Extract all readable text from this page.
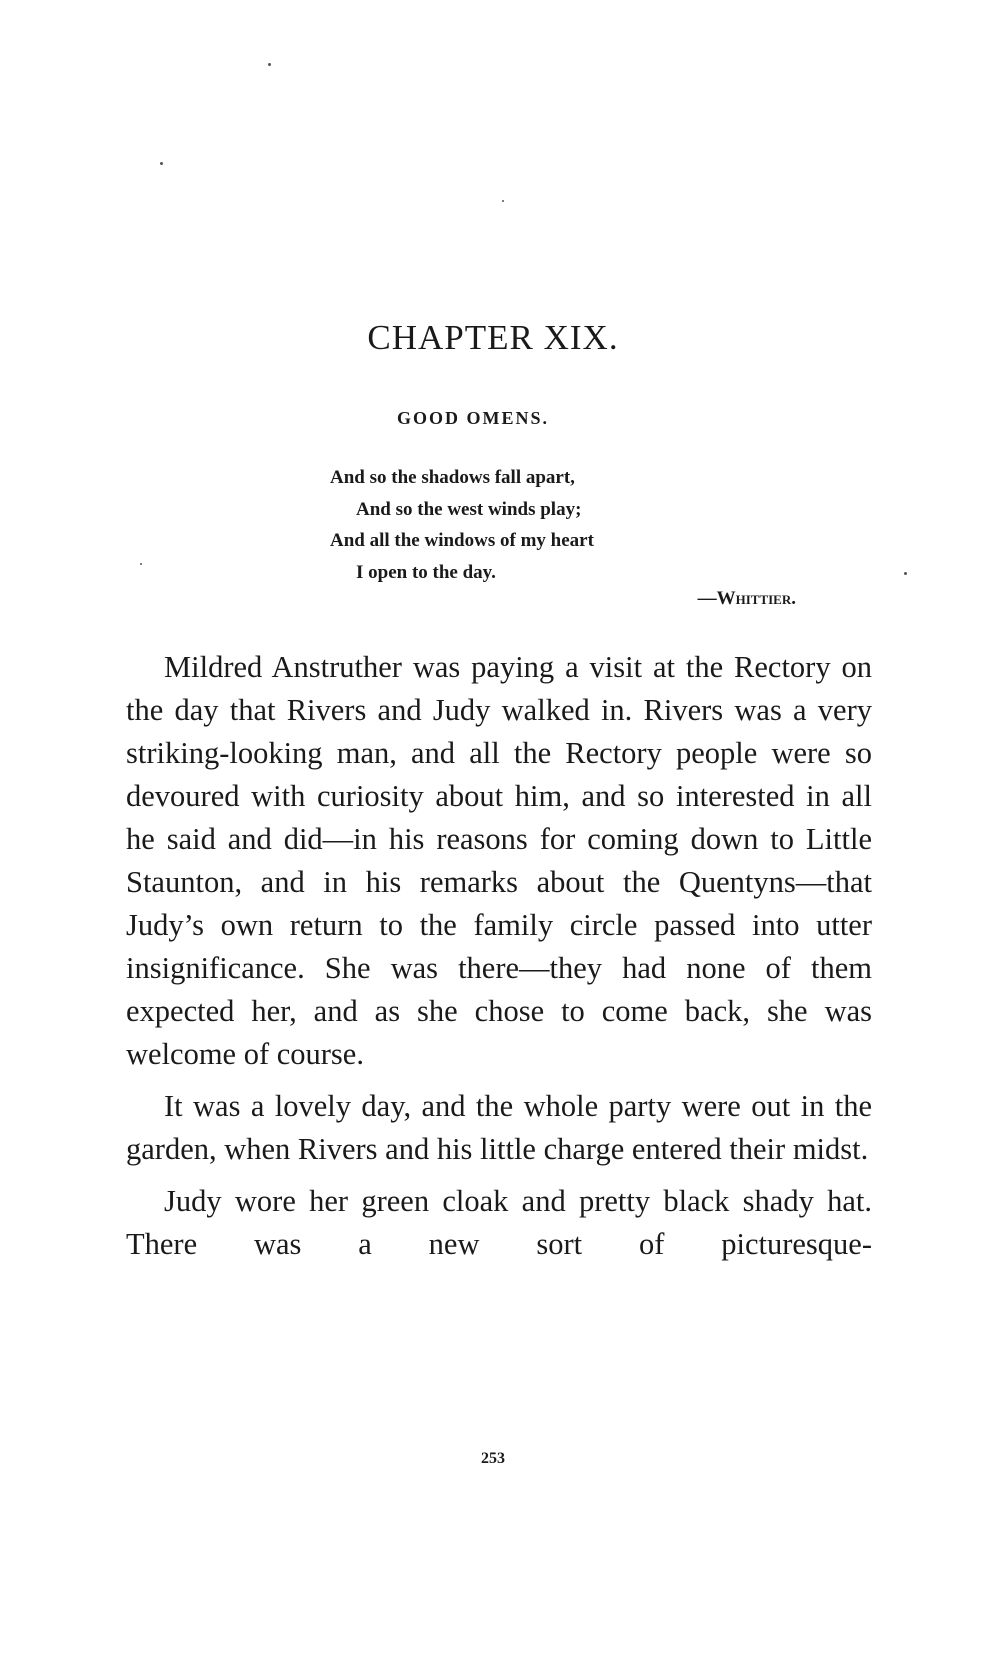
CHAPTER XIX.
GOOD OMENS.
And so the shadows fall apart,
And so the west winds play;
And all the windows of my heart
I open to the day.
—Whittier.

Mildred Anstruther was paying a visit at the Rectory on the day that Rivers and Judy walked in. Rivers was a very striking-looking man, and all the Rectory people were so devoured with curiosity about him, and so interested in all he said and did—in his reasons for coming down to Little Staunton, and in his remarks about the Quentyns—that Judy’s own return to the family circle passed into utter insignificance. She was there—they had none of them expected her, and as she chose to come back, she was welcome of course.

It was a lovely day, and the whole party were out in the garden, when Rivers and his little charge entered their midst.

Judy wore her green cloak and pretty black shady hat. There was a new sort of picturesque-

253
